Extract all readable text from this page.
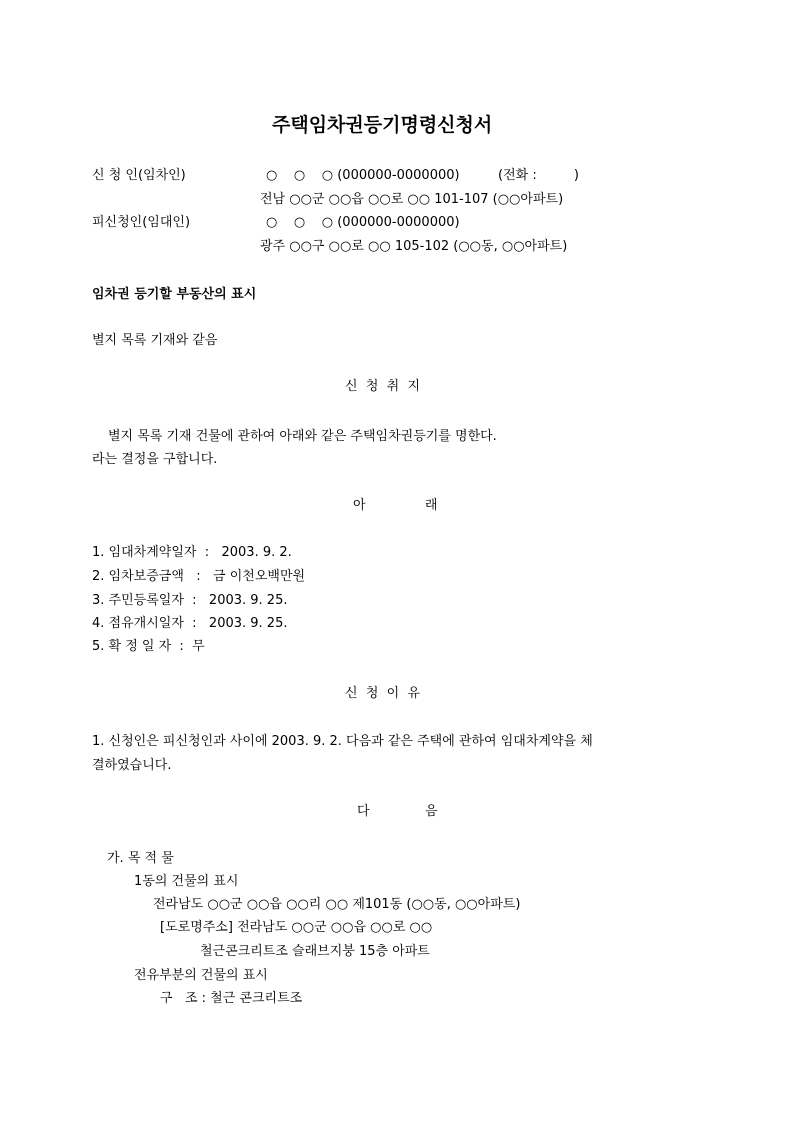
주택임차권등기명령신청서
신 청 인(임차인)	○    ○    ○ (000000-0000000)	(전화 :         )
전남 ○○군 ○○읍 ○○로 ○○ 101-107 (○○아파트)
피신청인(임대인)	○    ○    ○ (000000-0000000)
광주 ○○구 ○○로 ○○ 105-102 (○○동, ○○아파트)
임차권 등기할 부동산의 표시
별지 목록 기재와 같음
신  청  취  지
별지 목록 기재 건물에 관하여 아래와 같은 주택임차권등기를 명한다.
라는 결정을 구합니다.
아	래
1. 임대차계약일자  :   2003. 9. 2.
2. 임차보증금액   :   금 이천오백만원
3. 주민등록일자  :   2003. 9. 25.
4. 점유개시일자  :   2003. 9. 25.
5. 확 정 일 자  :  무
신  청  이  유
1. 신청인은 피신청인과 사이에 2003. 9. 2. 다음과 같은 주택에 관하여 임대차계약을 체
결하였습니다.
다	음
가. 목 적 물
1동의 건물의 표시
전라남도 ○○군 ○○읍 ○○리 ○○ 제101동 (○○동, ○○아파트)
[도로명주소] 전라남도 ○○군 ○○읍 ○○로 ○○
철근콘크리트조 슬래브지붕 15층 아파트
전유부분의 건물의 표시
구   조 : 철근 콘크리트조
